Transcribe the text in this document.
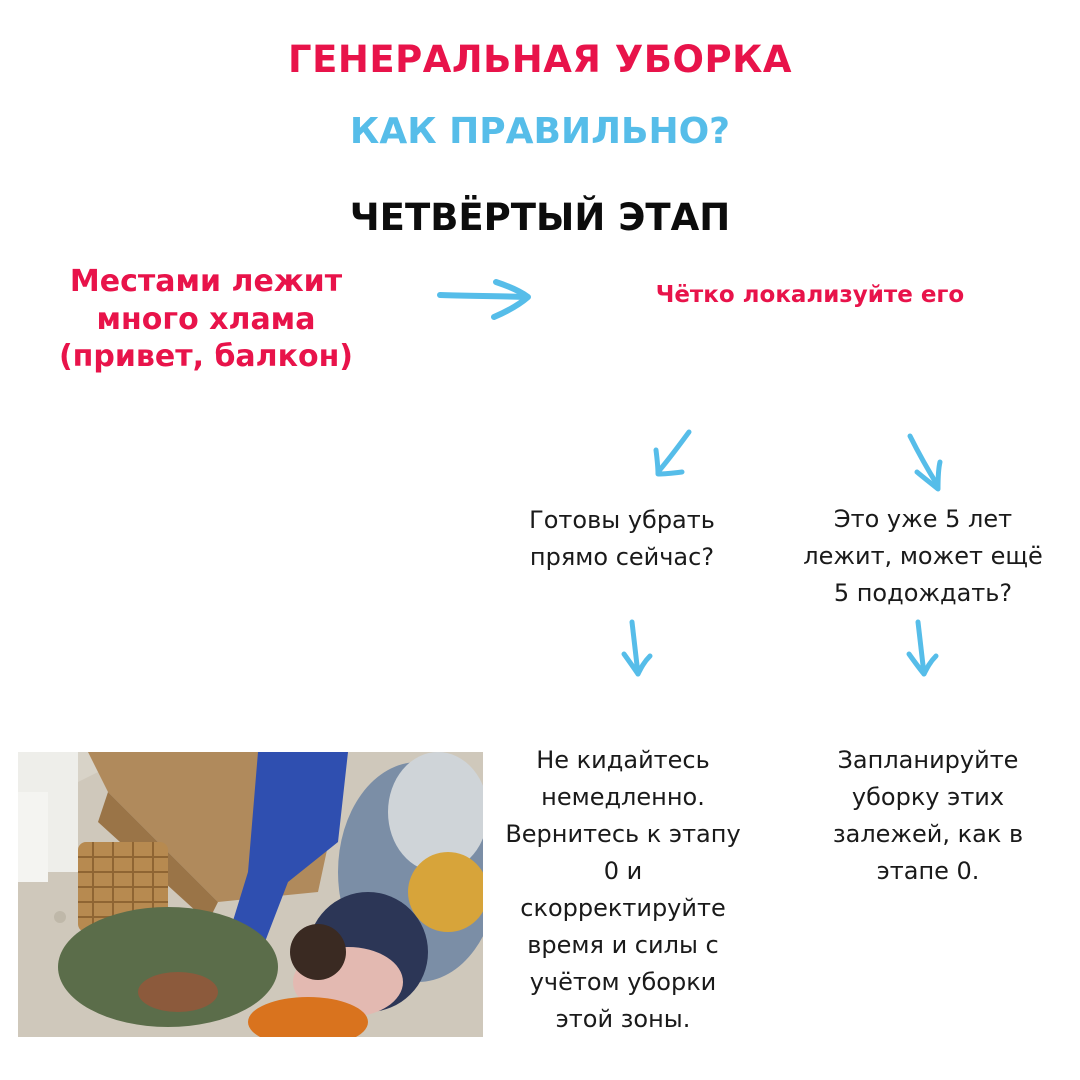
ГЕНЕРАЛЬНАЯ УБОРКА
КАК ПРАВИЛЬНО?
ЧЕТВЁРТЫЙ ЭТАП
Местами лежит
много хлама
(привет, балкон)
Чётко локализуйте его
Готовы убрать
прямо сейчас?
Это уже 5 лет
лежит, может ещё
5 подождать?
Не кидайтесь
немедленно.
Вернитесь к этапу
0 и
скорректируйте
время и силы с
учётом уборки
этой зоны.
Запланируйте
уборку этих
залежей, как в
этапе 0.
